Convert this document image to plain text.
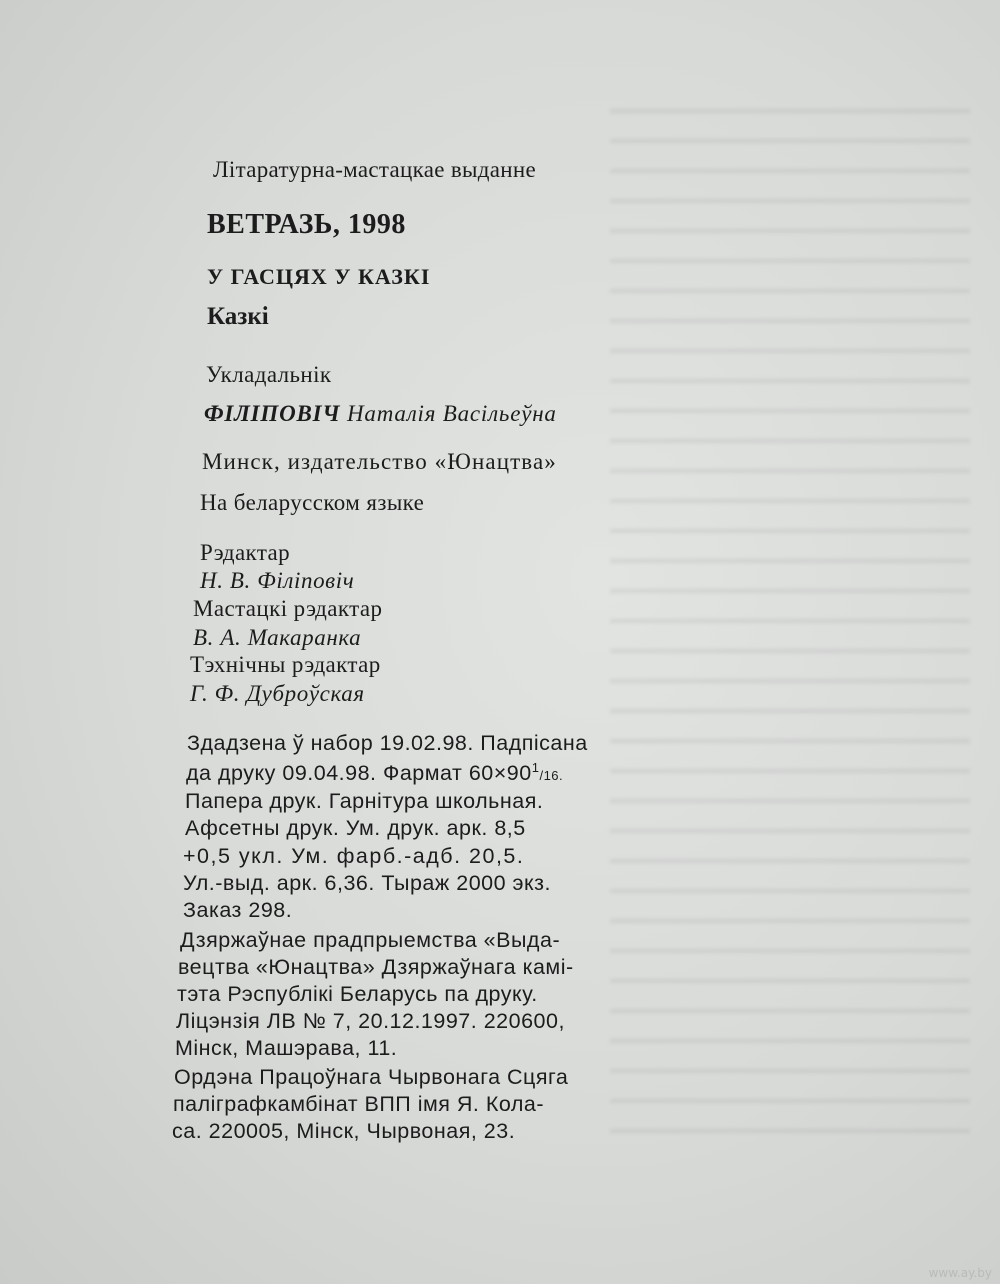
Літаратурна-мастацкае выданне
ВЕТРАЗЬ, 1998
У ГАСЦЯХ У КАЗКІ
Казкі
Укладальнік
ФІЛІПОВІЧ Наталія Васільеўна
Минск, издательство «Юнацтва»
На беларусском языке
Рэдактар
Н. В. Філіповіч
Мастацкі рэдактар
В. А. Макаранка
Тэхнічны рэдактар
Г. Ф. Дуброўская
Здадзена ў набор 19.02.98. Падпісана
да друку 09.04.98. Фармат $60\times 90^1/16$.
Папера друк. Гарнітура школьная.
Афсетны друк. Ум. друк. арк. 8,5
+0,5 укл. Ум. фарб.-адб. 20,5.
Ул.-выд. арк. 6,36. Тыраж 2000 экз.
Заказ 298.
Дзяржаўнае прадпрыемства «Выда-
вецтва «Юнацтва» Дзяржаўнага камі-
тэта Рэспублікі Беларусь па друку.
Ліцэнзія ЛВ № 7, 20.12.1997. 220600,
Мінск, Машэрава, 11.
Ордэна Працоўнага Чырвонага Сцяга
паліграфкамбінат ВПП імя Я. Кола-
са. 220005, Мінск, Чырвоная, 23.
www.ay.by
